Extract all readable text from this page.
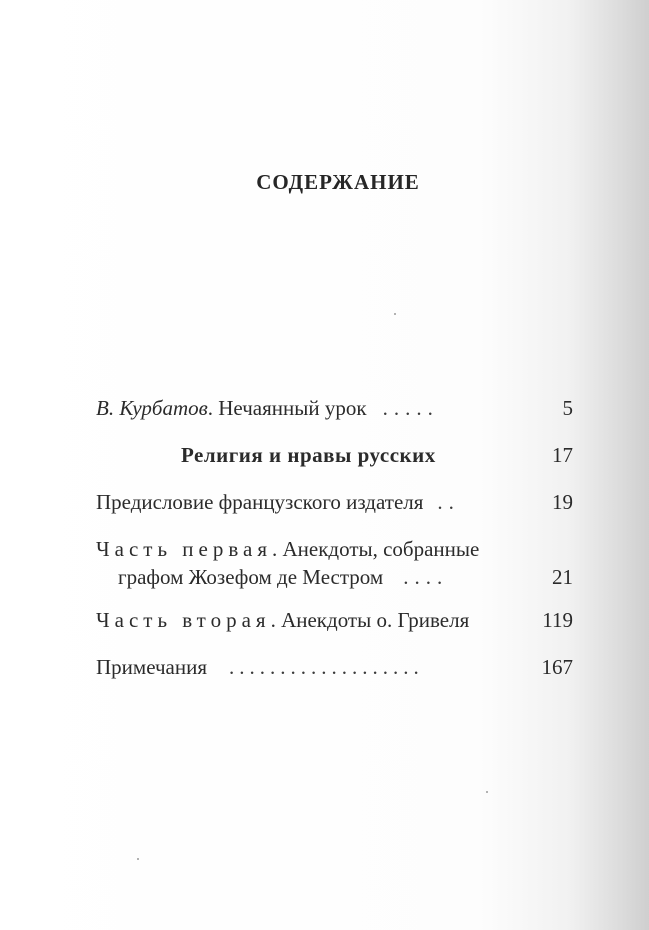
СОДЕРЖАНИЕ
В. Курбатов. Нечаянный урок .....	5
Религия и нравы русских	17
Предисловие французского издателя ..	19
Часть первая. Анекдоты, собранные
графом Жозефом де Местром ....	21
Часть вторая. Анекдоты о. Гривеля	119
Примечания ...................	167
